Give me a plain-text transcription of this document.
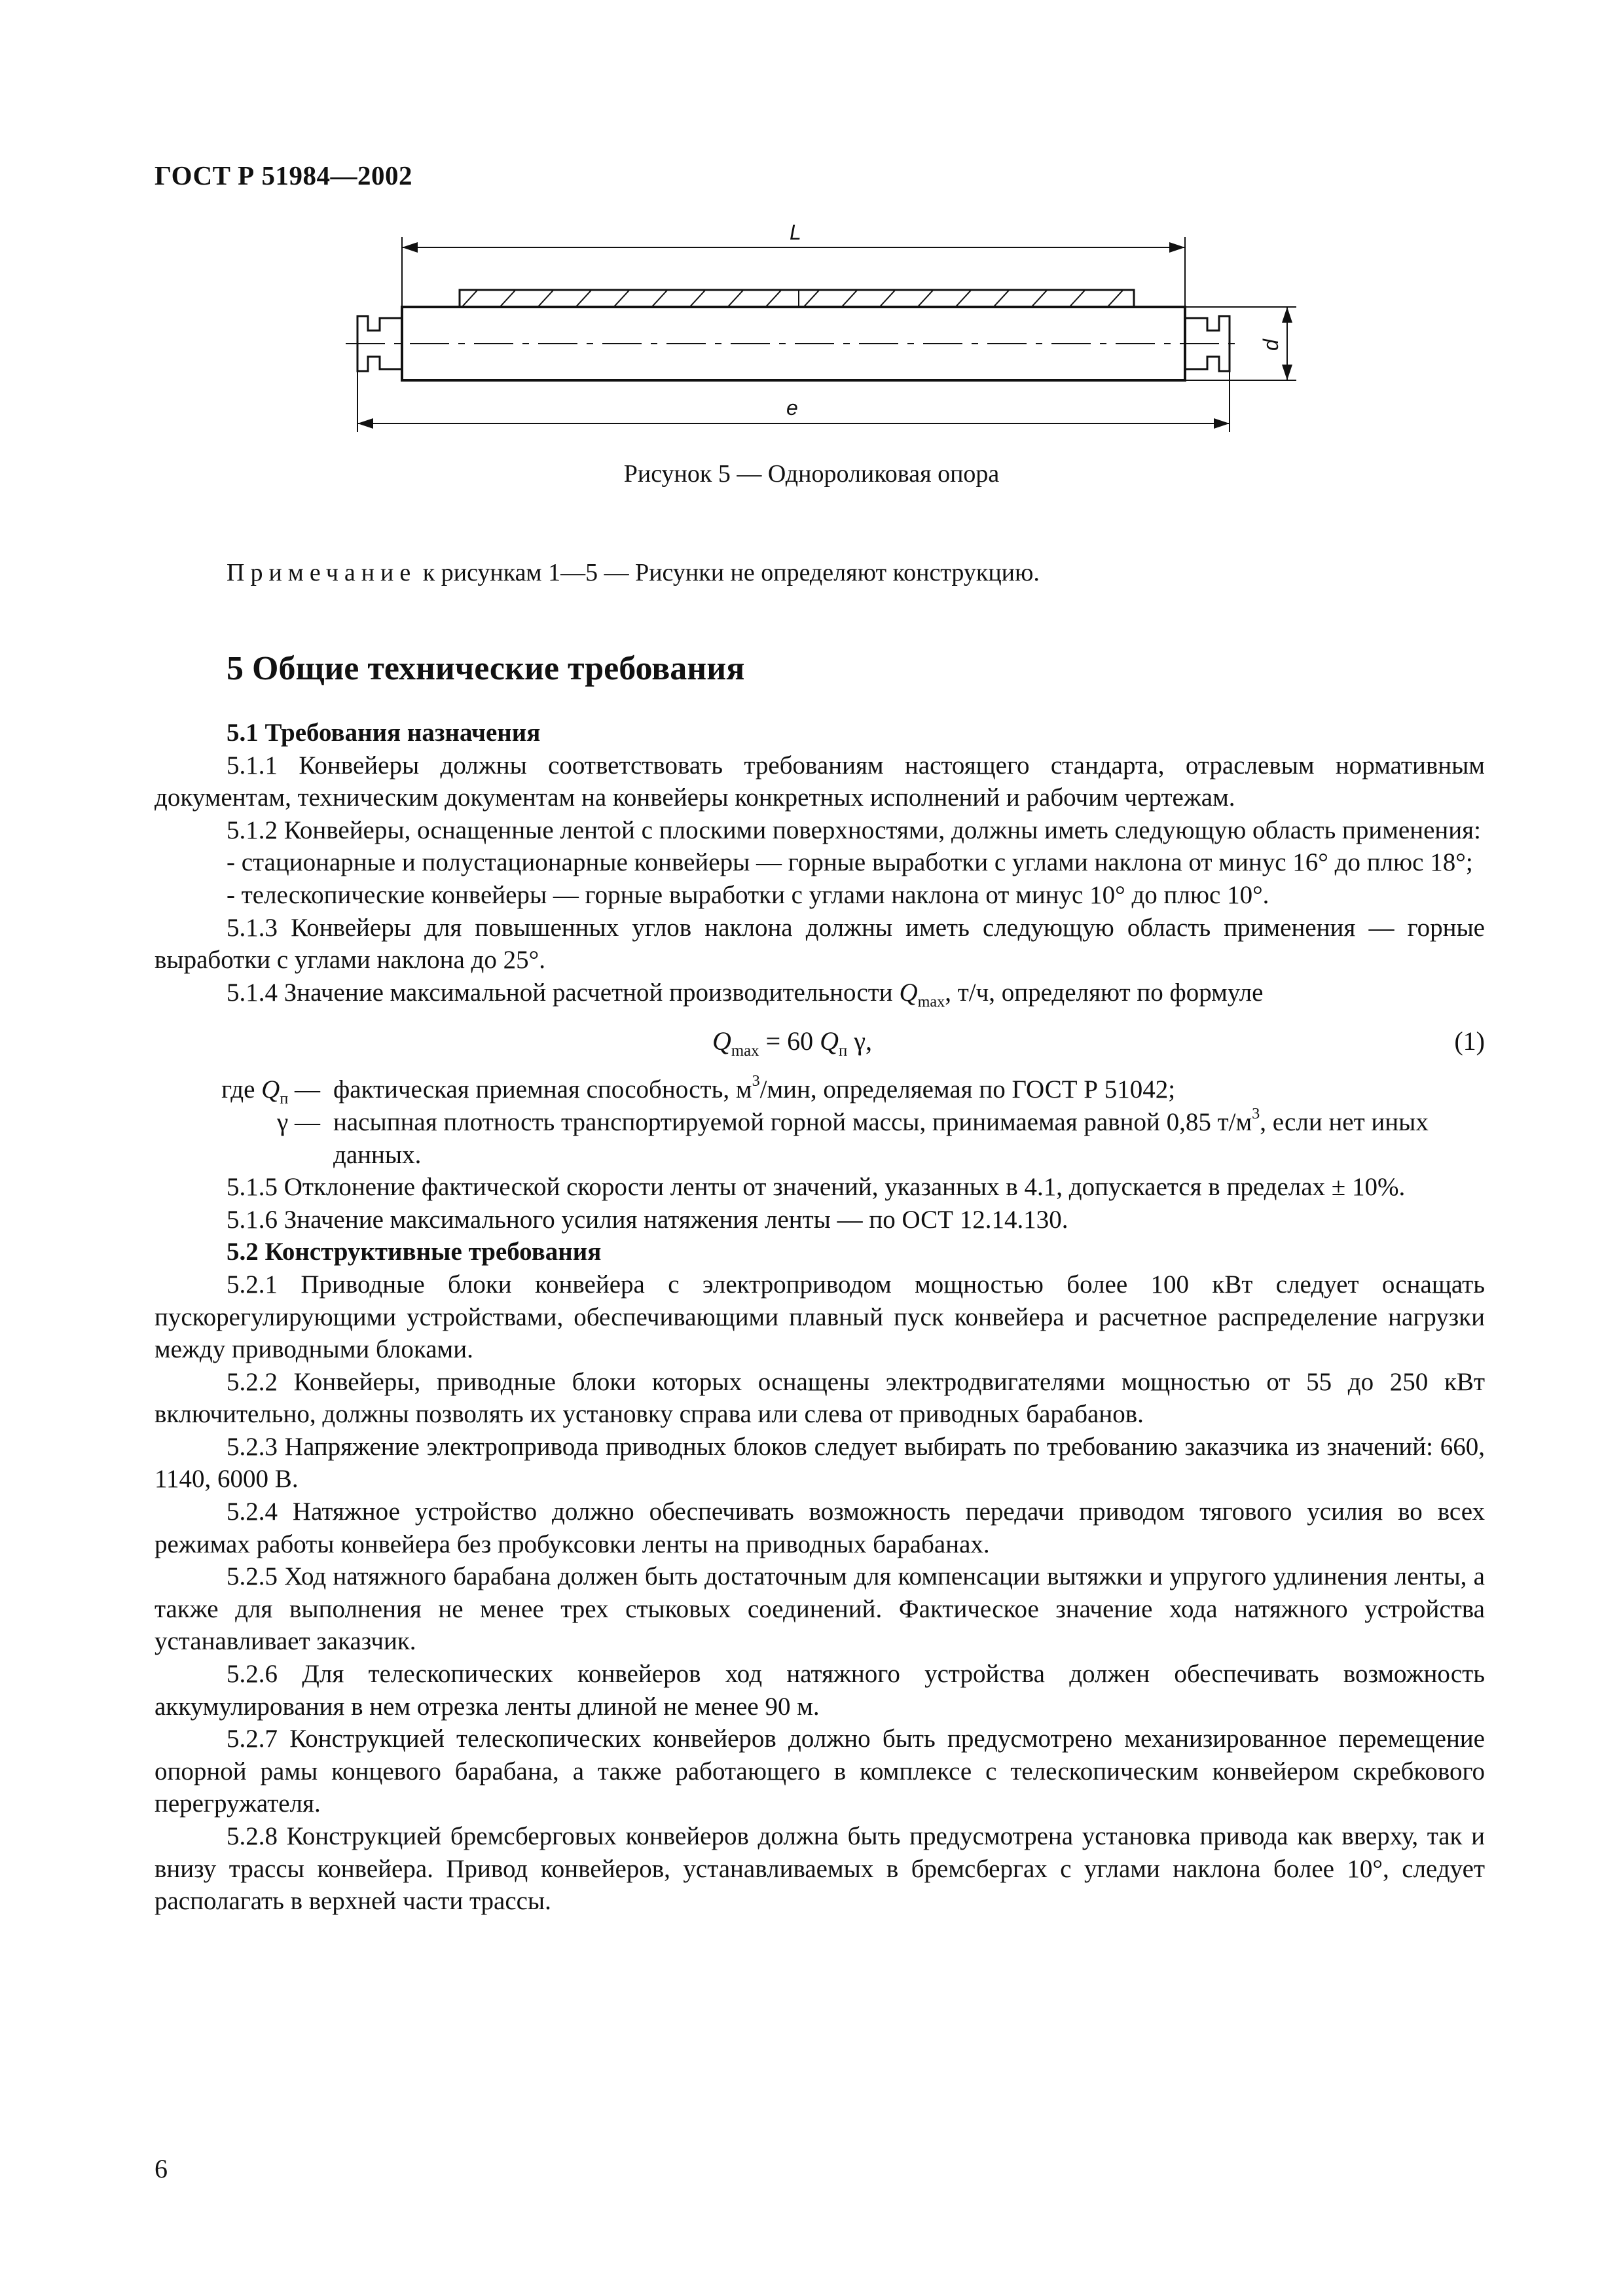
ГОСТ Р 51984—2002
L
e
d
Рисунок 5 — Однороликовая опора
Примечание к рисункам 1—5 — Рисунки не определяют конструкцию.
5 Общие технические требования

5.1 Требования назначения

5.1.1 Конвейеры должны соответствовать требованиям настоящего стандарта, отраслевым нормативным документам, техническим документам на конвейеры конкретных исполнений и рабочим чертежам.

5.1.2 Конвейеры, оснащенные лентой с плоскими поверхностями, должны иметь следующую область применения:

- стационарные и полустационарные конвейеры — горные выработки с углами наклона от минус 16° до плюс 18°;

- телескопические конвейеры — горные выработки с углами наклона от минус 10° до плюс 10°.

5.1.3 Конвейеры для повышенных углов наклона должны иметь следующую область применения — горные выработки с углами наклона до 25°.

5.1.4 Значение максимальной расчетной производительности $Q_{max}$, т/ч, определяют по формуле

$Q_{max} = 60$ $Q_п$ γ,	(1)
где $Q_п$ — фактическая приемная способность, $м^3$/мин, определяемая по ГОСТ Р 51042;
γ — насыпная плотность транспортируемой горной массы, принимаемая равной 0,85 $т/м^3$, если нет иных данных.

5.1.5 Отклонение фактической скорости ленты от значений, указанных в 4.1, допускается в пределах ± 10%.

5.1.6 Значение максимального усилия натяжения ленты — по ОСТ 12.14.130.

5.2 Конструктивные требования

5.2.1 Приводные блоки конвейера с электроприводом мощностью более 100 кВт следует оснащать пускорегулирующими устройствами, обеспечивающими плавный пуск конвейера и расчетное распределение нагрузки между приводными блоками.

5.2.2 Конвейеры, приводные блоки которых оснащены электродвигателями мощностью от 55 до 250 кВт включительно, должны позволять их установку справа или слева от приводных барабанов.

5.2.3 Напряжение электропривода приводных блоков следует выбирать по требованию заказчика из значений: 660, 1140, 6000 В.

5.2.4 Натяжное устройство должно обеспечивать возможность передачи приводом тягового усилия во всех режимах работы конвейера без пробуксовки ленты на приводных барабанах.

5.2.5 Ход натяжного барабана должен быть достаточным для компенсации вытяжки и упругого удлинения ленты, а также для выполнения не менее трех стыковых соединений. Фактическое значение хода натяжного устройства устанавливает заказчик.

5.2.6 Для телескопических конвейеров ход натяжного устройства должен обеспечивать возможность аккумулирования в нем отрезка ленты длиной не менее 90 м.

5.2.7 Конструкцией телескопических конвейеров должно быть предусмотрено механизированное перемещение опорной рамы концевого барабана, а также работающего в комплексе с телескопическим конвейером скребкового перегружателя.

5.2.8 Конструкцией бремсберговых конвейеров должна быть предусмотрена установка привода как вверху, так и внизу трассы конвейера. Привод конвейеров, устанавливаемых в бремсбергах с углами наклона более 10°, следует располагать в верхней части трассы.

6
